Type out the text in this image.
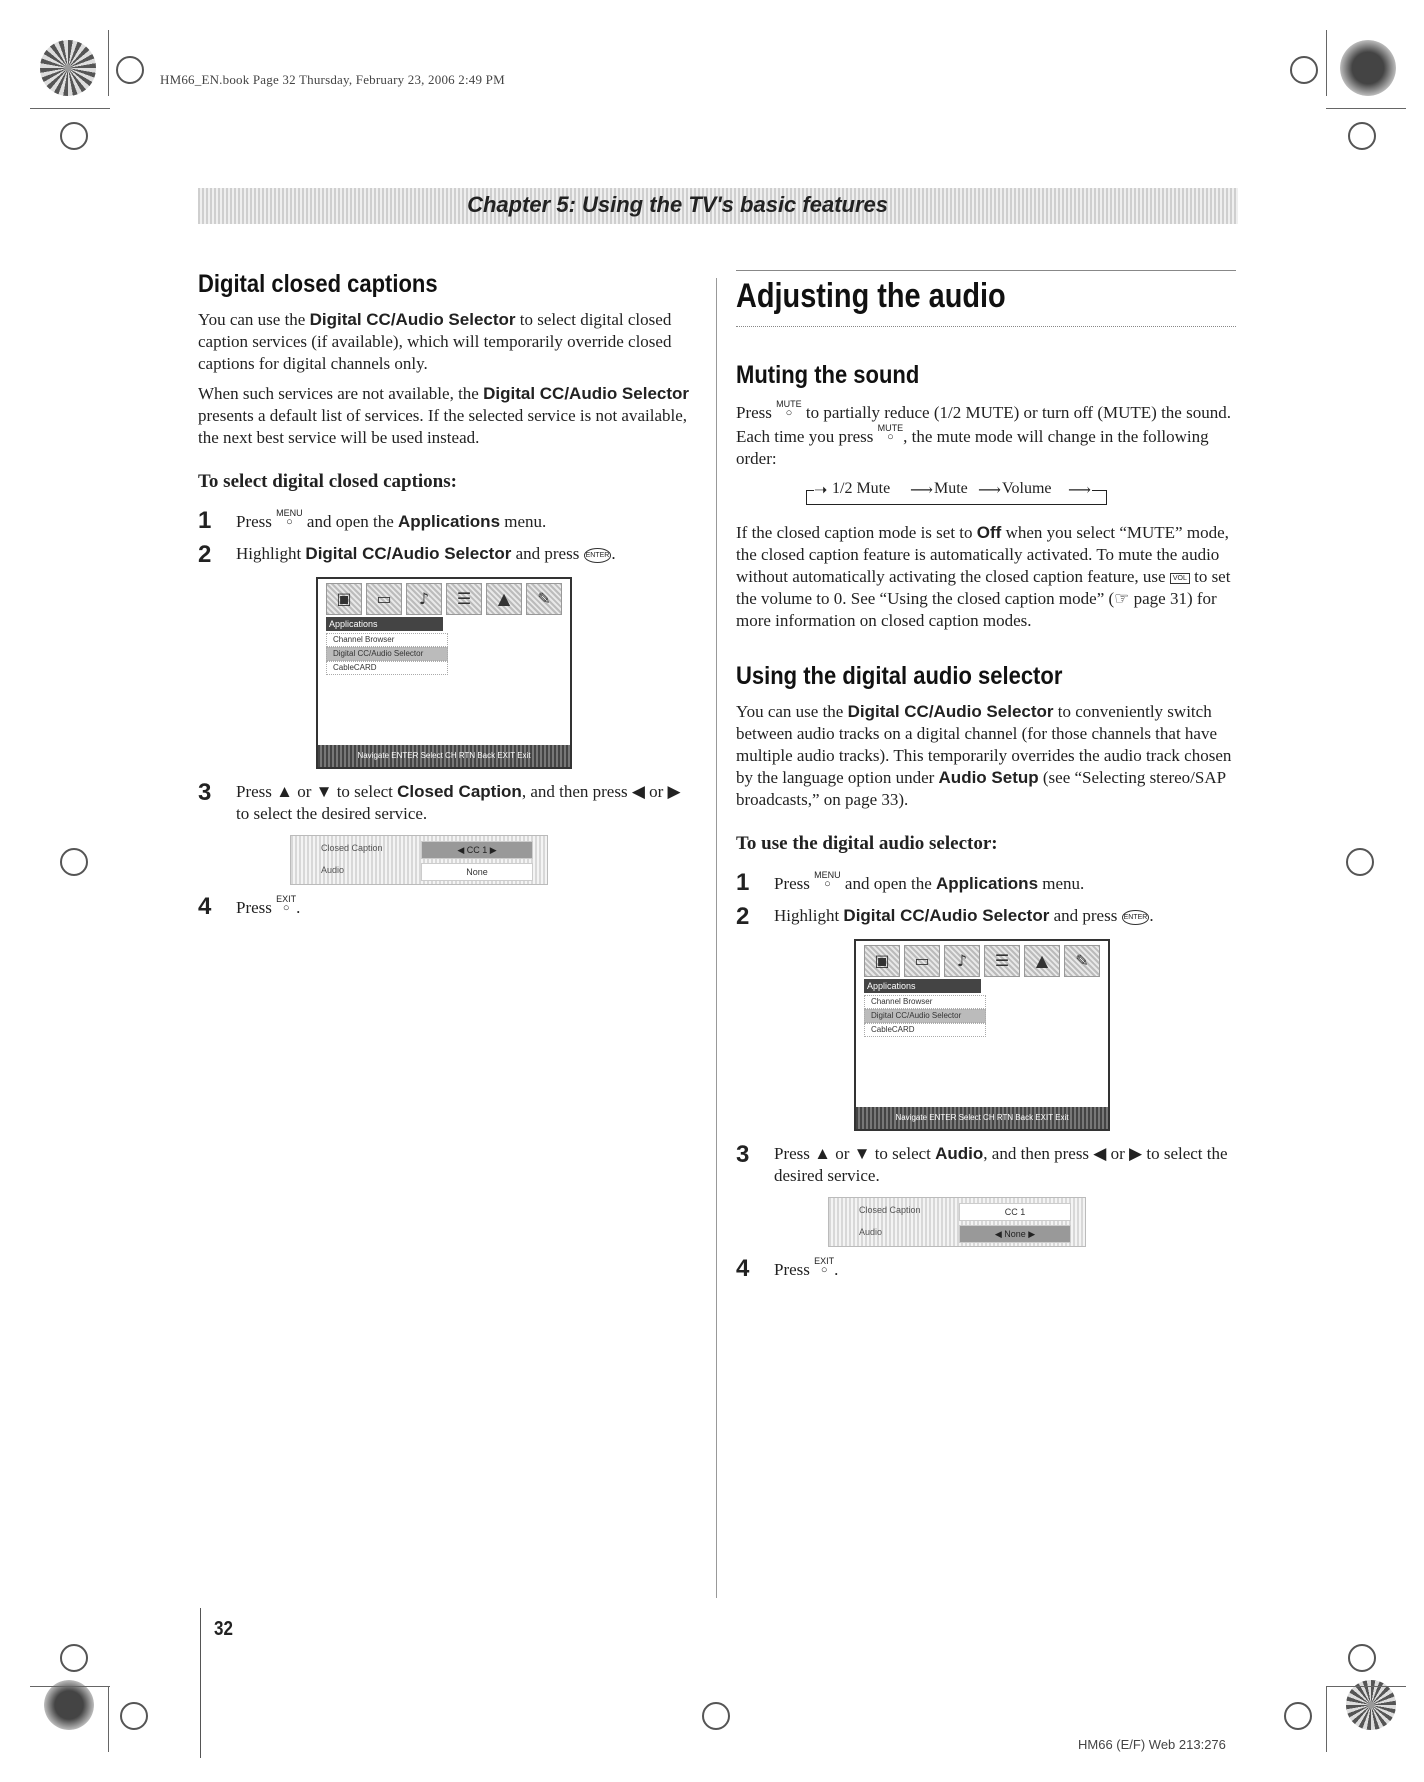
HM66_EN.book Page 32 Thursday, February 23, 2006 2:49 PM
Chapter 5: Using the TV's basic features
Digital closed captions

You can use the Digital CC/Audio Selector to select digital closed caption services (if available), which will temporarily override closed captions for digital channels only.

When such services are not available, the Digital CC/Audio Selector presents a default list of services. If the selected service is not available, the next best service will be used instead.

To select digital closed captions:
1	Press MENU
○ and open the Applications menu.
2	Highlight Digital CC/Audio Selector and press ENTER .
▣	▭	♪	☰	▲	✎
Applications
Channel Browser
Digital CC/Audio Selector
CableCARD
Navigate ENTER Select CH RTN Back EXIT Exit
3	Press ▲ or ▼ to select Closed Caption, and then press ◀ or ▶ to select the desired service.
Closed Caption	◀ CC 1 ▶
Audio	None
4	Press EXIT
○ .
Adjusting the audio
Muting the sound

Press MUTE
○ to partially reduce (1/2 MUTE) or turn off (MUTE) the sound. Each time you press MUTE
○ , the mute mode will change in the following order:

➝ 1/2 Mute ⟶ Mute ⟶ Volume ⟶

If the closed caption mode is set to Off when you select “MUTE” mode, the closed caption feature is automatically activated. To mute the audio without automatically activating the closed caption feature, use VOL to set the volume to 0. See “Using the closed caption mode” (☞ page 31) for more information on closed caption modes.

Using the digital audio selector

You can use the Digital CC/Audio Selector to conveniently switch between audio tracks on a digital channel (for those channels that have multiple audio tracks). This temporarily overrides the audio track chosen by the language option under Audio Setup (see “Selecting stereo/SAP broadcasts,” on page 33).

To use the digital audio selector:
1	Press MENU
○ and open the Applications menu.
2	Highlight Digital CC/Audio Selector and press ENTER .
▣	▭	♪	☰	▲	✎
Applications
Channel Browser
Digital CC/Audio Selector
CableCARD
Navigate ENTER Select CH RTN Back EXIT Exit
3	Press ▲ or ▼ to select Audio, and then press ◀ or ▶ to select the desired service.
Closed Caption	CC 1
Audio	◀ None ▶
4	Press EXIT
○ .
32
HM66 (E/F) Web 213:276
